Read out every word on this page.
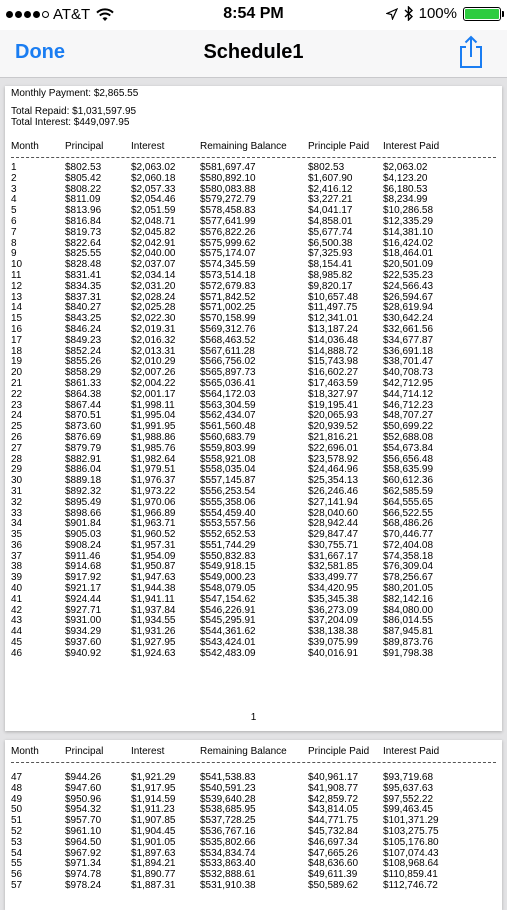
AT&T	8:54 PM	100%
Done	Schedule1
Monthly Payment: $2,865.55
Total Repaid: $1,031,597.95
Total Interest: $449,097.95
Month	Principal	Interest	Remaining Balance Principle Paid Interest Paid
1	$802.53	$2,063.02 $581,697.47	$802.53	$2,063.02
2	$805.42	$2,060.18 $580,892.10	$1,607.90	$4,123.20
3	$808.22	$2,057.33 $580,083.88	$2,416.12	$6,180.53
4	$811.09	$2,054.46 $579,272.79	$3,227.21	$8,234.99
5	$813.96	$2,051.59 $578,458.83	$4,041.17	$10,286.58
6	$816.84	$2,048.71 $577,641.99	$4,858.01	$12,335.29
7	$819.73	$2,045.82 $576,822.26	$5,677.74	$14,381.10
8	$822.64	$2,042.91 $575,999.62	$6,500.38	$16,424.02
9	$825.55	$2,040.00 $575,174.07	$7,325.93	$18,464.01
10	$828.48	$2,037.07 $574,345.59	$8,154.41	$20,501.09
11	$831.41	$2,034.14 $573,514.18	$8,985.82	$22,535.23
12	$834.35	$2,031.20 $572,679.83	$9,820.17	$24,566.43
13	$837.31	$2,028.24 $571,842.52	$10,657.48 $26,594.67
14	$840.27	$2,025.28 $571,002.25	$11,497.75	$28,619.94
15	$843.25	$2,022.30 $570,158.99	$12,341.01 $30,642.24
16	$846.24	$2,019.31 $569,312.76	$13,187.24 $32,661.56
17	$849.23	$2,016.32 $568,463.52	$14,036.48 $34,677.87
18	$852.24	$2,013.31 $567,611.28	$14,888.72 $36,691.18
19	$855.26	$2,010.29 $566,756.02	$15,743.98 $38,701.47
20	$858.29	$2,007.26 $565,897.73	$16,602.27 $40,708.73
21	$861.33	$2,004.22 $565,036.41	$17,463.59 $42,712.95
22	$864.38	$2,001.17 $564,172.03	$18,327.97 $44,714.12
23	$867.44	$1,998.11	$563,304.59	$19,195.41 $46,712.23
24	$870.51	$1,995.04 $562,434.07	$20,065.93 $48,707.27
25	$873.60	$1,991.95 $561,560.48	$20,939.52 $50,699.22
26	$876.69	$1,988.86 $560,683.79	$21,816.21 $52,688.08
27	$879.79	$1,985.76 $559,803.99	$22,696.01 $54,673.84
28	$882.91	$1,982.64 $558,921.08	$23,578.92 $56,656.48
29	$886.04	$1,979.51 $558,035.04	$24,464.96 $58,635.99
30	$889.18	$1,976.37 $557,145.87	$25,354.13 $60,612.36
31	$892.32	$1,973.22 $556,253.54	$26,246.46 $62,585.59
32	$895.49	$1,970.06 $555,358.06	$27,141.94 $64,555.65
33	$898.66	$1,966.89 $554,459.40	$28,040.60 $66,522.55
34	$901.84	$1,963.71 $553,557.56	$28,942.44 $68,486.26
35	$905.03	$1,960.52 $552,652.53	$29,847.47 $70,446.77
36	$908.24	$1,957.31 $551,744.29	$30,755.71 $72,404.08
37	$911.46	$1,954.09 $550,832.83	$31,667.17 $74,358.18
38	$914.68	$1,950.87 $549,918.15	$32,581.85 $76,309.04
39	$917.92	$1,947.63 $549,000.23	$33,499.77 $78,256.67
40	$921.17	$1,944.38 $548,079.05	$34,420.95 $80,201.05
41	$924.44	$1,941.11	$547,154.62	$35,345.38 $82,142.16
42	$927.71	$1,937.84 $546,226.91	$36,273.09 $84,080.00
43	$931.00	$1,934.55 $545,295.91	$37,204.09 $86,014.55
44	$934.29	$1,931.26 $544,361.62	$38,138.38 $87,945.81
45	$937.60	$1,927.95 $543,424.01	$39,075.99 $89,873.76
46	$940.92	$1,924.63 $542,483.09	$40,016.91 $91,798.38
1
Month	Principal	Interest	Remaining Balance Principle Paid Interest Paid
47	$944.26	$1,921.29 $541,538.83	$40,961.17 $93,719.68
48	$947.60	$1,917.95 $540,591.23	$41,908.77 $95,637.63
49	$950.96	$1,914.59 $539,640.28	$42,859.72 $97,552.22
50	$954.32	$1,911.23	$538,685.95	$43,814.05 $99,463.45
51	$957.70	$1,907.85 $537,728.25	$44,771.75 $101,371.29
52	$961.10	$1,904.45 $536,767.16	$45,732.84 $103,275.75
53	$964.50	$1,901.05 $535,802.66	$46,697.34 $105,176.80
54	$967.92	$1,897.63 $534,834.74	$47,665.26 $107,074.43
55	$971.34	$1,894.21 $533,863.40	$48,636.60 $108,968.64
56	$974.78	$1,890.77 $532,888.61	$49,611.39	$110,859.41
57	$978.24	$1,887.31 $531,910.38	$50,589.62 $112,746.72
